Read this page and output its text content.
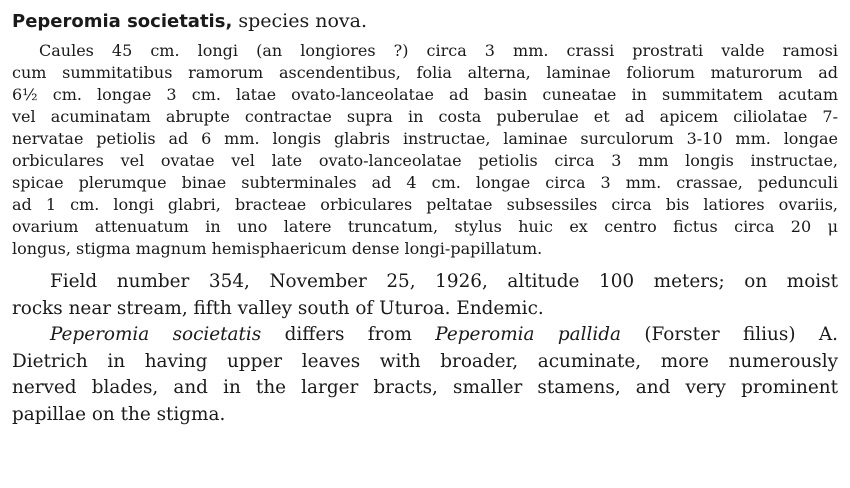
Peperomia societatis, species nova.
Caules 45 cm. longi (an longiores ?) circa 3 mm. crassi prostrati valde ramosi
cum summitatibus ramorum ascendentibus, folia alterna, laminae foliorum maturorum ad
6½ cm. longae 3 cm. latae ovato-lanceolatae ad basin cuneatae in summitatem acutam
vel acuminatam abrupte contractae supra in costa puberulae et ad apicem ciliolatae 7-
nervatae petiolis ad 6 mm. longis glabris instructae, laminae surculorum 3-10 mm. longae
orbiculares vel ovatae vel late ovato-lanceolatae petiolis circa 3 mm longis instructae,
spicae plerumque binae subterminales ad 4 cm. longae circa 3 mm. crassae, pedunculi
ad 1 cm. longi glabri, bracteae orbiculares peltatae subsessiles circa bis latiores ovariis,
ovarium attenuatum in uno latere truncatum, stylus huic ex centro fictus circa 20 μ
longus, stigma magnum hemisphaericum dense longi-papillatum.
Field number 354, November 25, 1926, altitude 100 meters; on moist
rocks near stream, fifth valley south of Uturoa. Endemic.
Peperomia societatis differs from Peperomia pallida (Forster filius) A.
Dietrich in having upper leaves with broader, acuminate, more numerously
nerved blades, and in the larger bracts, smaller stamens, and very prominent
papillae on the stigma.
